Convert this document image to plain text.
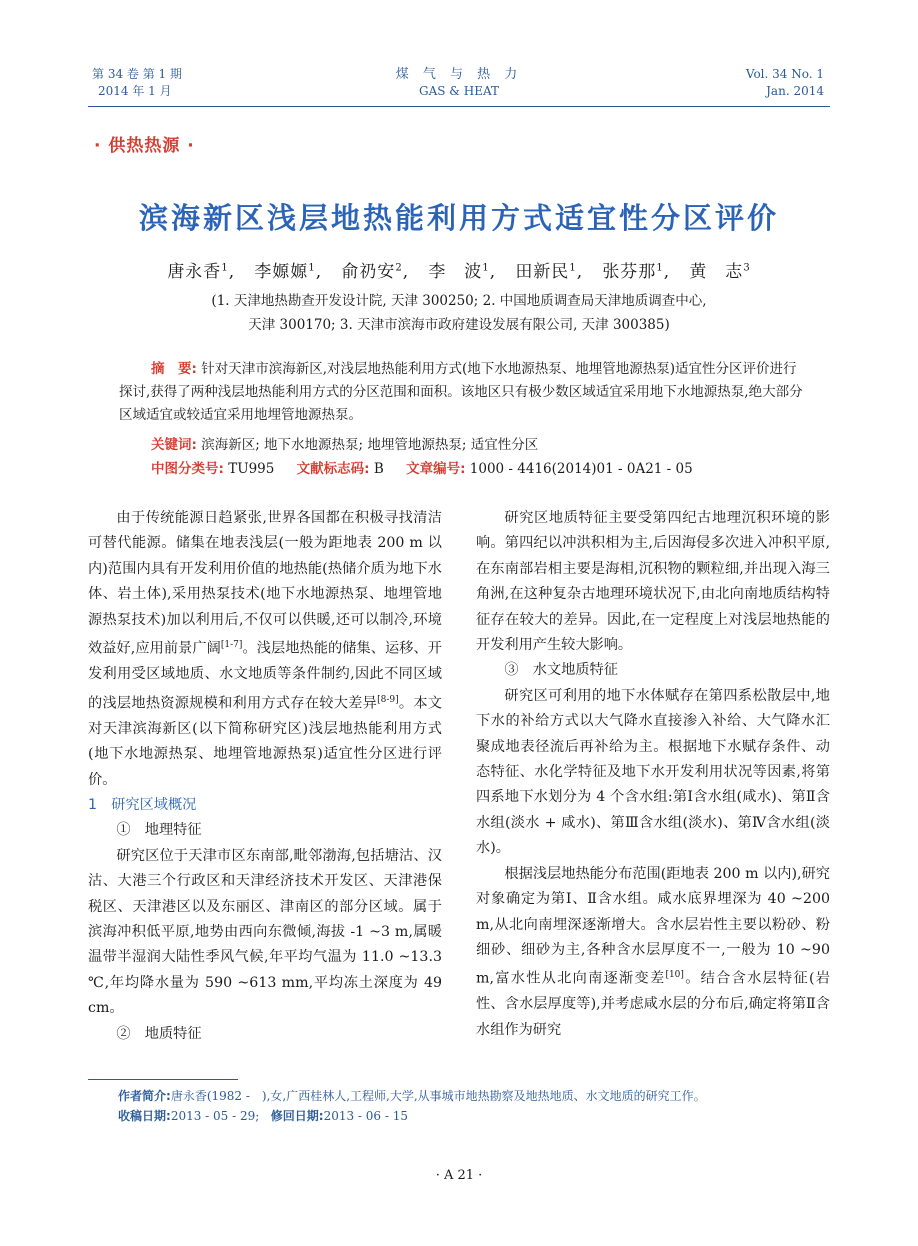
第 34 卷 第 1 期
2014 年 1 月
煤 气 与 热 力
GAS & HEAT
Vol. 34 No. 1
Jan. 2014
· 供热热源 ·
滨海新区浅层地热能利用方式适宜性分区评价
唐永香$^1$,   李嫄嫄$^1$,   俞礽安$^2$,   李　波$^1$,   田新民$^1$,   张芬那$^1$,   黄　志$^3$
(1. 天津地热勘查开发设计院, 天津 300250; 2. 中国地质调查局天津地质调查中心,
天津 300170; 3. 天津市滨海市政府建设发展有限公司, 天津 300385)
摘　要: 针对天津市滨海新区,对浅层地热能利用方式(地下水地源热泵、地埋管地源热泵)适宜性分区评价进行探讨,获得了两种浅层地热能利用方式的分区范围和面积。该地区只有极少数区域适宜采用地下水地源热泵,绝大部分区域适宜或较适宜采用地埋管地源热泵。
关键词: 滨海新区; 地下水地源热泵; 地埋管地源热泵; 适宜性分区
中图分类号: TU995 文献标志码: B 文章编号: 1000 - 4416(2014)01 - 0A21 - 05

由于传统能源日趋紧张,世界各国都在积极寻找清洁可替代能源。储集在地表浅层(一般为距地表 200 m 以内)范围内具有开发利用价值的地热能(热储介质为地下水体、岩土体),采用热泵技术(地下水地源热泵、地埋管地源热泵技术)加以利用后,不仅可以供暖,还可以制冷,环境效益好,应用前景广阔[1-7]。浅层地热能的储集、运移、开发利用受区域地质、水文地质等条件制约,因此不同区域的浅层地热资源规模和利用方式存在较大差异[8-9]。本文对天津滨海新区(以下简称研究区)浅层地热能利用方式(地下水地源热泵、地埋管地源热泵)适宜性分区进行评价。

1　研究区域概况

①　地理特征

研究区位于天津市区东南部,毗邻渤海,包括塘沽、汉沽、大港三个行政区和天津经济技术开发区、天津港保税区、天津港区以及东丽区、津南区的部分区域。属于滨海冲积低平原,地势由西向东微倾,海拔 -1 ~3 m,属暖温带半湿润大陆性季风气候,年平均气温为 11.0 ~13.3 ℃,年均降水量为 590 ~613 mm,平均冻土深度为 49 cm。

②　地质特征

研究区地质特征主要受第四纪古地理沉积环境的影响。第四纪以冲洪积相为主,后因海侵多次进入冲积平原,在东南部岩相主要是海相,沉积物的颗粒细,并出现入海三角洲,在这种复杂古地理环境状况下,由北向南地质结构特征存在较大的差异。因此,在一定程度上对浅层地热能的开发利用产生较大影响。

③　水文地质特征

研究区可利用的地下水体赋存在第四系松散层中,地下水的补给方式以大气降水直接渗入补给、大气降水汇聚成地表径流后再补给为主。根据地下水赋存条件、动态特征、水化学特征及地下水开发利用状况等因素,将第四系地下水划分为 4 个含水组:第Ⅰ含水组(咸水)、第Ⅱ含水组(淡水 + 咸水)、第Ⅲ含水组(淡水)、第Ⅳ含水组(淡水)。

根据浅层地热能分布范围(距地表 200 m 以内),研究对象确定为第Ⅰ、Ⅱ含水组。咸水底界埋深为 40 ~200 m,从北向南埋深逐渐增大。含水层岩性主要以粉砂、粉细砂、细砂为主,各种含水层厚度不一,一般为 10 ~90 m,富水性从北向南逐渐变差[10]。结合含水层特征(岩性、含水层厚度等),并考虑咸水层的分布后,确定将第Ⅱ含水组作为研究

作者简介:唐永香(1982 -　),女,广西桂林人,工程师,大学,从事城市地热勘察及地热地质、水文地质的研究工作。
收稿日期:2013 - 05 - 29; 修回日期:2013 - 06 - 15
· A 21 ·
